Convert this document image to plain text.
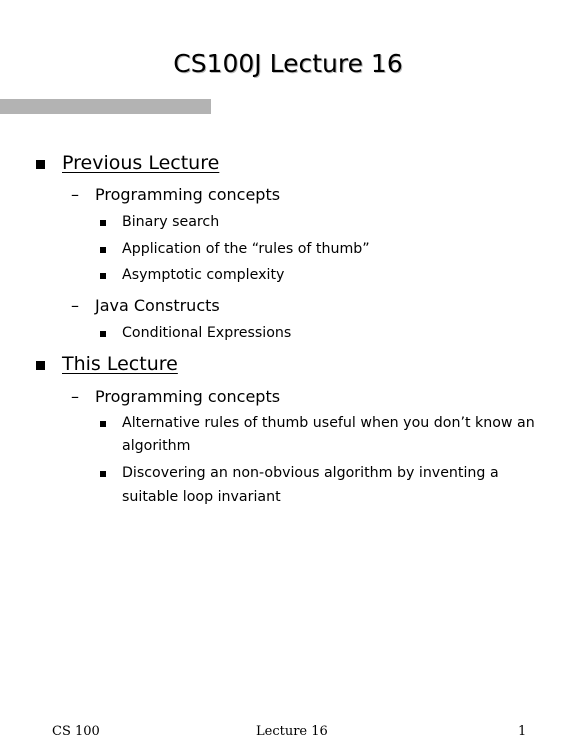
CS100J Lecture 16
Previous Lecture
– Programming concepts
Binary search
Application of the “rules of thumb”
Asymptotic complexity
– Java Constructs
Conditional Expressions
This Lecture
– Programming concepts
Alternative rules of thumb useful when you don’t know an
algorithm
Discovering an non-obvious algorithm by inventing a
suitable loop invariant
CS 100	Lecture 16	1
